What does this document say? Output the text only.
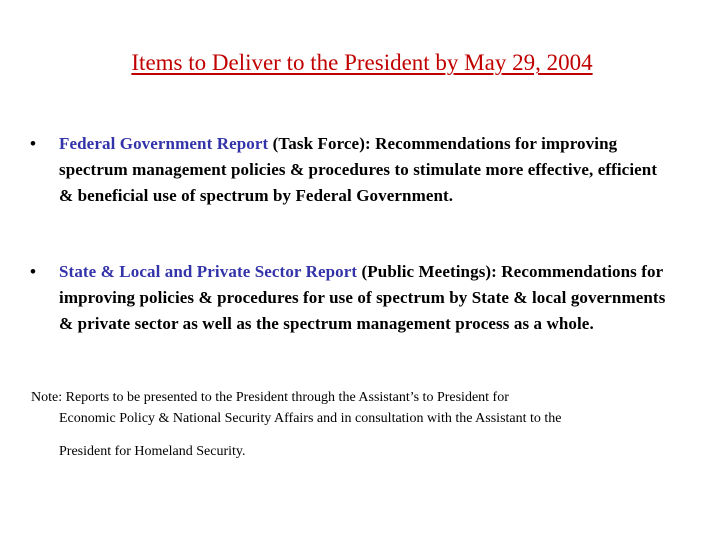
Items to Deliver to the President by May 29, 2004
•	Federal Government Report (Task Force): Recommendations for improving spectrum management policies & procedures to stimulate more effective, efficient & beneficial use of spectrum by Federal Government.
•	State & Local and Private Sector Report (Public Meetings): Recommendations for improving policies & procedures for use of spectrum by State & local governments & private sector as well as the spectrum management process as a whole.
Note: Reports to be presented to the President through the Assistant’s to President for
Economic Policy & National Security Affairs and in consultation with the Assistant to the
President for Homeland Security.
